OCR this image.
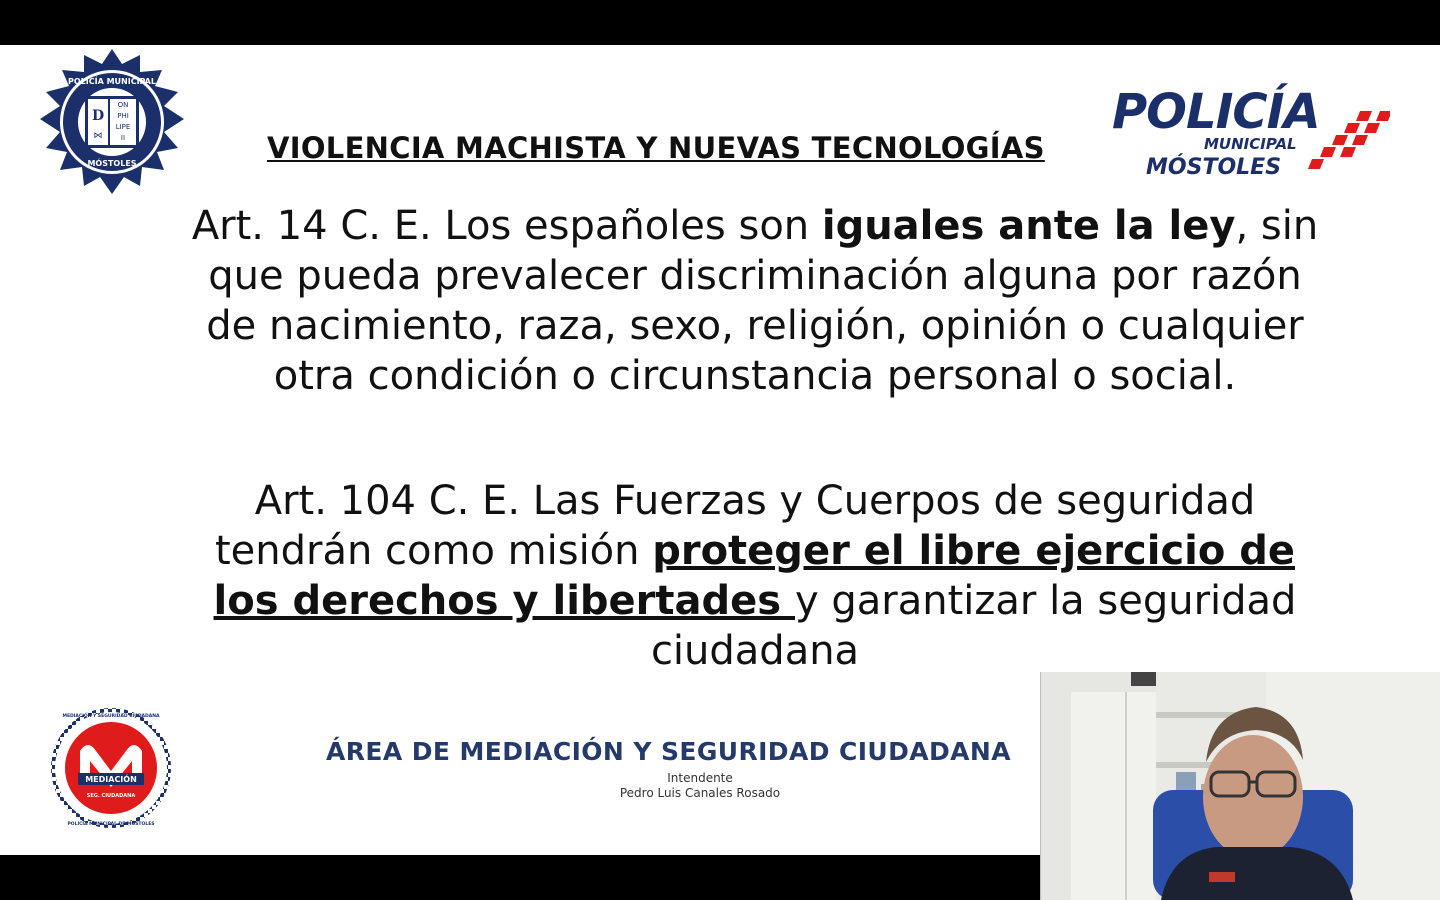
D
⋈
ON
PHI
LIPE
II
POLICÍA MUNICIPAL
MÓSTOLES	VIOLENCIA MACHISTA Y NUEVAS TECNOLOGÍAS
POLICÍA
MUNICIPAL
MÓSTOLES
Art. 14 C. E. Los españoles son iguales ante la ley, sin que pueda prevalecer discriminación alguna por razón de nacimiento, raza, sexo, religión, opinión o cualquier otra condición o circunstancia personal o social.
Art. 104 C. E. Las Fuerzas y Cuerpos de seguridad tendrán como misión proteger el libre ejercicio de los derechos y libertades y garantizar la seguridad ciudadana
MEDIACIÓN
SEG. CIUDADANA
MEDIACIÓN Y SEGURIDAD CIUDADANA
POLICÍA MUNICIPAL DE MÓSTOLES
ÁREA DE MEDIACIÓN Y SEGURIDAD CIUDADANA
Intendente
Pedro Luis Canales Rosado
